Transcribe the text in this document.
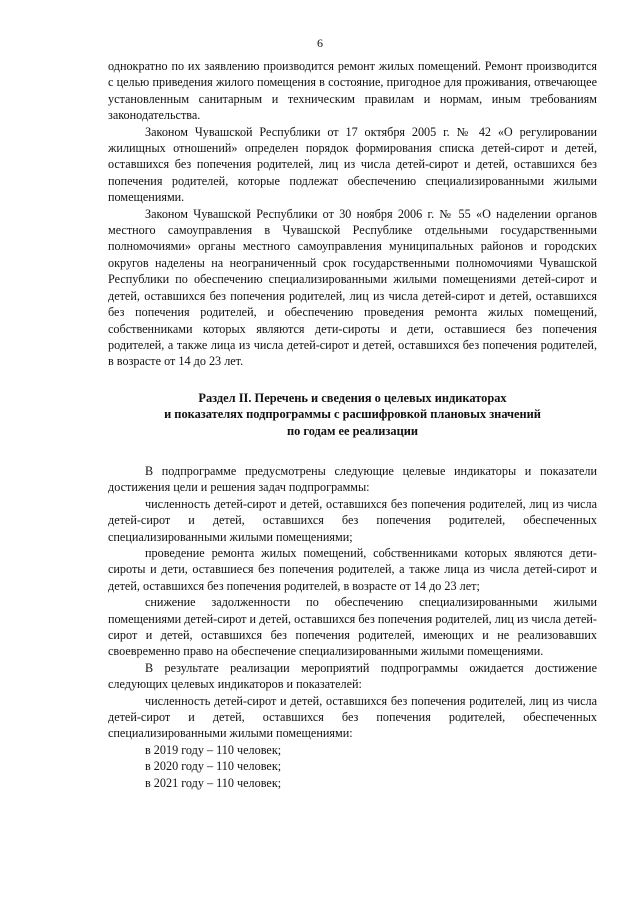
6

однократно по их заявлению производится ремонт жилых помещений. Ремонт производится с целью приведения жилого помещения в состояние, пригодное для проживания, отвечающее установленным санитарным и техническим правилам и нормам, иным требованиям законодательства.

Законом Чувашской Республики от 17 октября 2005 г. № 42 «О регулировании жилищных отношений» определен порядок формирования списка детей-сирот и детей, оставшихся без попечения родителей, лиц из числа детей-сирот и детей, оставшихся без попечения родителей, которые подлежат обеспечению специализированными жилыми помещениями.

Законом Чувашской Республики от 30 ноября 2006 г. № 55 «О наделении органов местного самоуправления в Чувашской Республике отдельными государственными полномочиями» органы местного самоуправления муниципальных районов и городских округов наделены на неограниченный срок государственными полномочиями Чувашской Республики по обеспечению специализированными жилыми помещениями детей-сирот и детей, оставшихся без попечения родителей, лиц из числа детей-сирот и детей, оставшихся без попечения родителей, и обеспечению проведения ремонта жилых помещений, собственниками которых являются дети-сироты и дети, оставшиеся без попечения родителей, а также лица из числа детей-сирот и детей, оставшихся без попечения родителей, в возрасте от 14 до 23 лет.

Раздел II. Перечень и сведения о целевых индикаторах
и показателях подпрограммы с расшифровкой плановых значений
по годам ее реализации

В подпрограмме предусмотрены следующие целевые индикаторы и показатели достижения цели и решения задач подпрограммы:

численность детей-сирот и детей, оставшихся без попечения родителей, лиц из числа детей-сирот и детей, оставшихся без попечения родителей, обеспеченных специализированными жилыми помещениями;

проведение ремонта жилых помещений, собственниками которых являются дети-сироты и дети, оставшиеся без попечения родителей, а также лица из числа детей-сирот и детей, оставшихся без попечения родителей, в возрасте от 14 до 23 лет;

снижение задолженности по обеспечению специализированными жилыми помещениями детей-сирот и детей, оставшихся без попечения родителей, лиц из числа детей-сирот и детей, оставшихся без попечения родителей, имеющих и не реализовавших своевременно право на обеспечение специализированными жилыми помещениями.

В результате реализации мероприятий подпрограммы ожидается достижение следующих целевых индикаторов и показателей:

численность детей-сирот и детей, оставшихся без попечения родителей, лиц из числа детей-сирот и детей, оставшихся без попечения родителей, обеспеченных специализированными жилыми помещениями:

в 2019 году – 110 человек;

в 2020 году – 110 человек;

в 2021 году – 110 человек;
